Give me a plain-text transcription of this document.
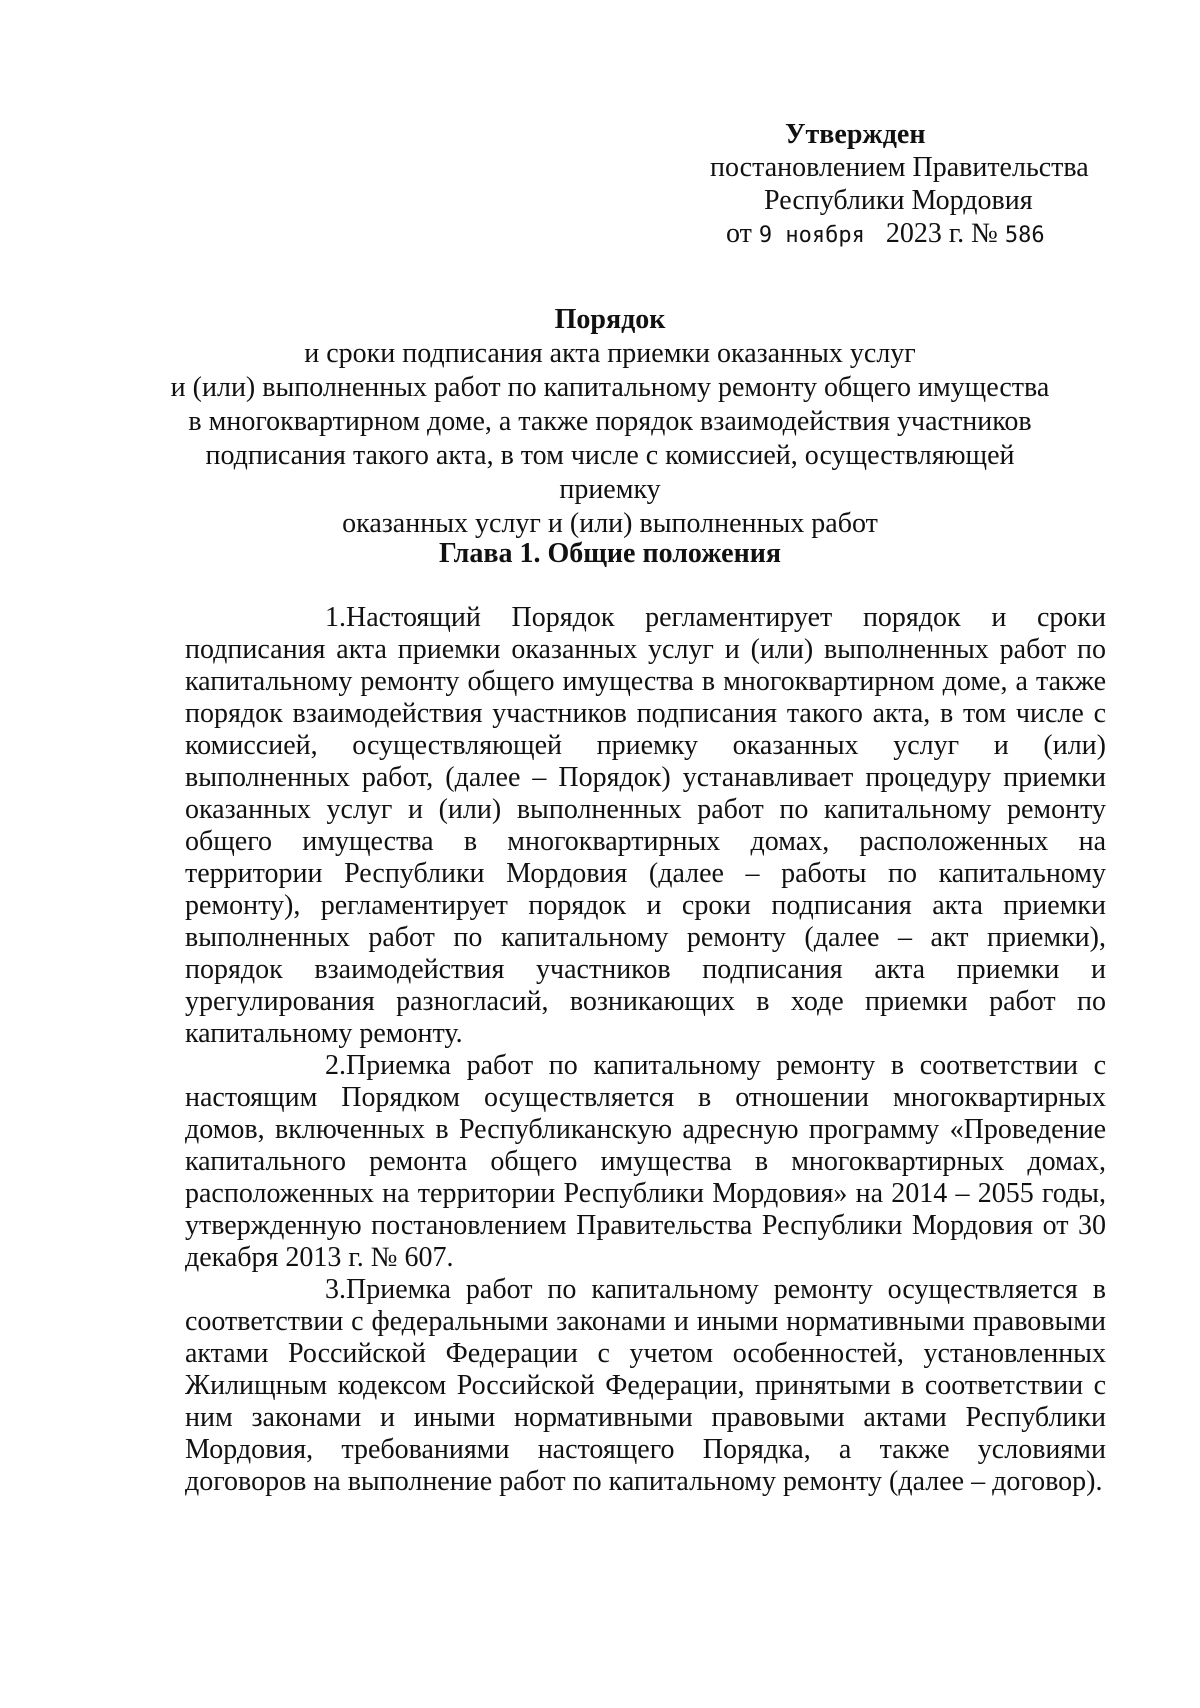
Утвержден
постановлением Правительства
Республики Мордовия
от 9 ноября 2023 г. № 586
Порядок
и сроки подписания акта приемки оказанных услуг
и (или) выполненных работ по капитальному ремонту общего имущества
в многоквартирном доме, а также порядок взаимодействия участников
подписания такого акта, в том числе с комиссией, осуществляющей приемку
оказанных услуг и (или) выполненных работ
Глава 1. Общие положения

1.Настоящий Порядок регламентирует порядок и сроки подписания акта приемки оказанных услуг и (или) выполненных работ по капитальному ремонту общего имущества в многоквартирном доме, а также порядок взаимодействия участников подписания такого акта, в том числе с комиссией, осуществляющей приемку оказанных услуг и (или) выполненных работ, (далее – Порядок) устанавливает процедуру приемки оказанных услуг и (или) выполненных работ по капитальному ремонту общего имущества в многоквартирных домах, расположенных на территории Республики Мордовия (далее – работы по капитальному ремонту), регламентирует порядок и сроки подписания акта приемки выполненных работ по капитальному ремонту (далее – акт приемки), порядок взаимодействия участников подписания акта приемки и урегулирования разногласий, возникающих в ходе приемки работ по капитальному ремонту.

2.Приемка работ по капитальному ремонту в соответствии с настоящим Порядком осуществляется в отношении многоквартирных домов, включенных в Республиканскую адресную программу «Проведение капитального ремонта общего имущества в многоквартирных домах, расположенных на территории Республики Мордовия» на 2014 – 2055 годы, утвержденную постановлением Правительства Республики Мордовия от 30 декабря 2013 г. № 607.

3.Приемка работ по капитальному ремонту осуществляется в соответствии с федеральными законами и иными нормативными правовыми актами Российской Федерации с учетом особенностей, установленных Жилищным кодексом Российской Федерации, принятыми в соответствии с ним законами и иными нормативными правовыми актами Республики Мордовия, требованиями настоящего Порядка, а также условиями договоров на выполнение работ по капитальному ремонту (далее – договор).
